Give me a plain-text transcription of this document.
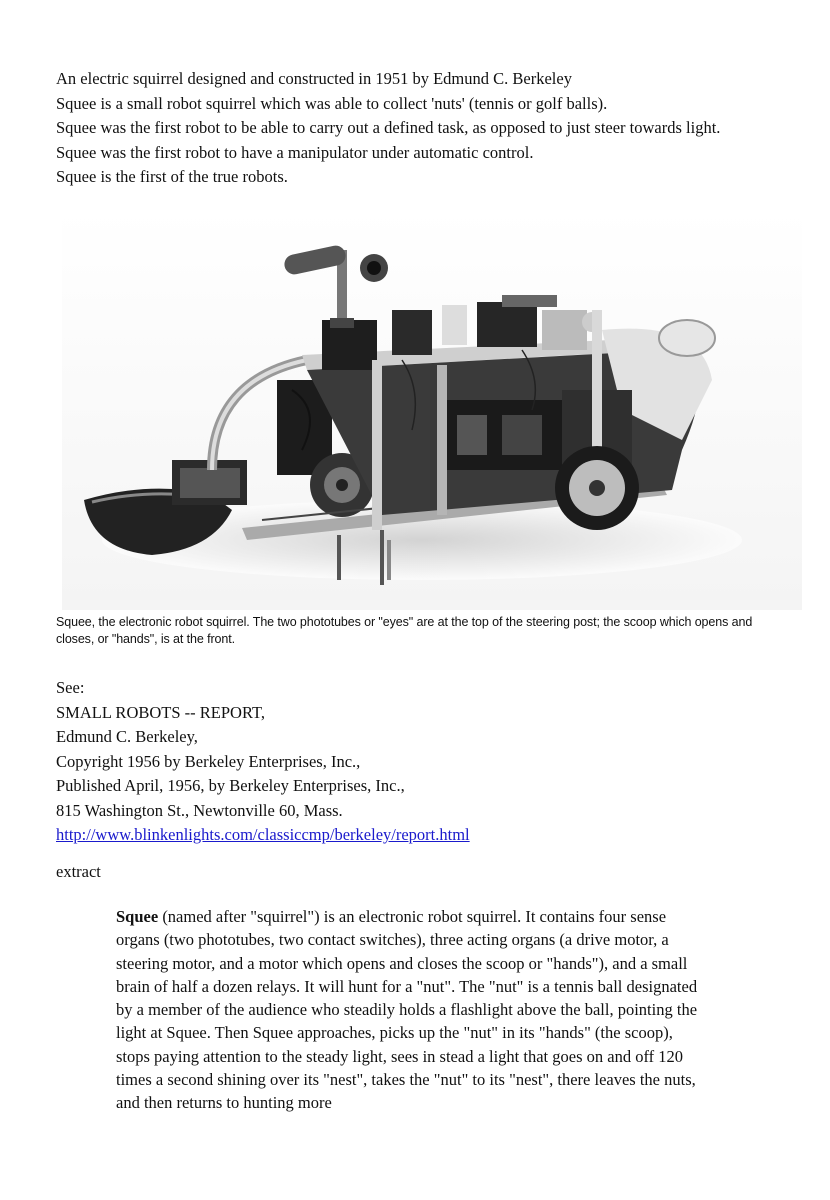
An electric squirrel designed and constructed in 1951 by Edmund C. Berkeley

Squee is a small robot squirrel which was able to collect 'nuts' (tennis or golf balls).

Squee was the first robot to be able to carry out a defined task, as opposed to just steer towards light.

Squee was the first robot to have a manipulator under automatic control.

Squee is the first of the true robots.

Squee, the electronic robot squirrel. The two phototubes or "eyes" are at the top of the steering post; the scoop which opens and closes, or "hands", is at the front.

See:

SMALL ROBOTS -- REPORT,

Edmund C. Berkeley,

Copyright 1956 by Berkeley Enterprises, Inc.,

Published April, 1956, by Berkeley Enterprises, Inc.,

815 Washington St., Newtonville 60, Mass.

http://www.blinkenlights.com/classiccmp/berkeley/report.html

extract
Squee (named after "squirrel") is an electronic robot squirrel. It contains four sense organs (two phototubes, two contact switches), three acting organs (a drive motor, a steering motor, and a motor which opens and closes the scoop or "hands"), and a small brain of half a dozen relays. It will hunt for a "nut". The "nut" is a tennis ball designated by a member of the audience who steadily holds a flashlight above the ball, pointing the light at Squee. Then Squee approaches, picks up the "nut" in its "hands" (the scoop), stops paying attention to the steady light, sees in stead a light that goes on and off 120 times a second shining over its "nest", takes the "nut" to its "nest", there leaves the nuts, and then returns to hunting more
